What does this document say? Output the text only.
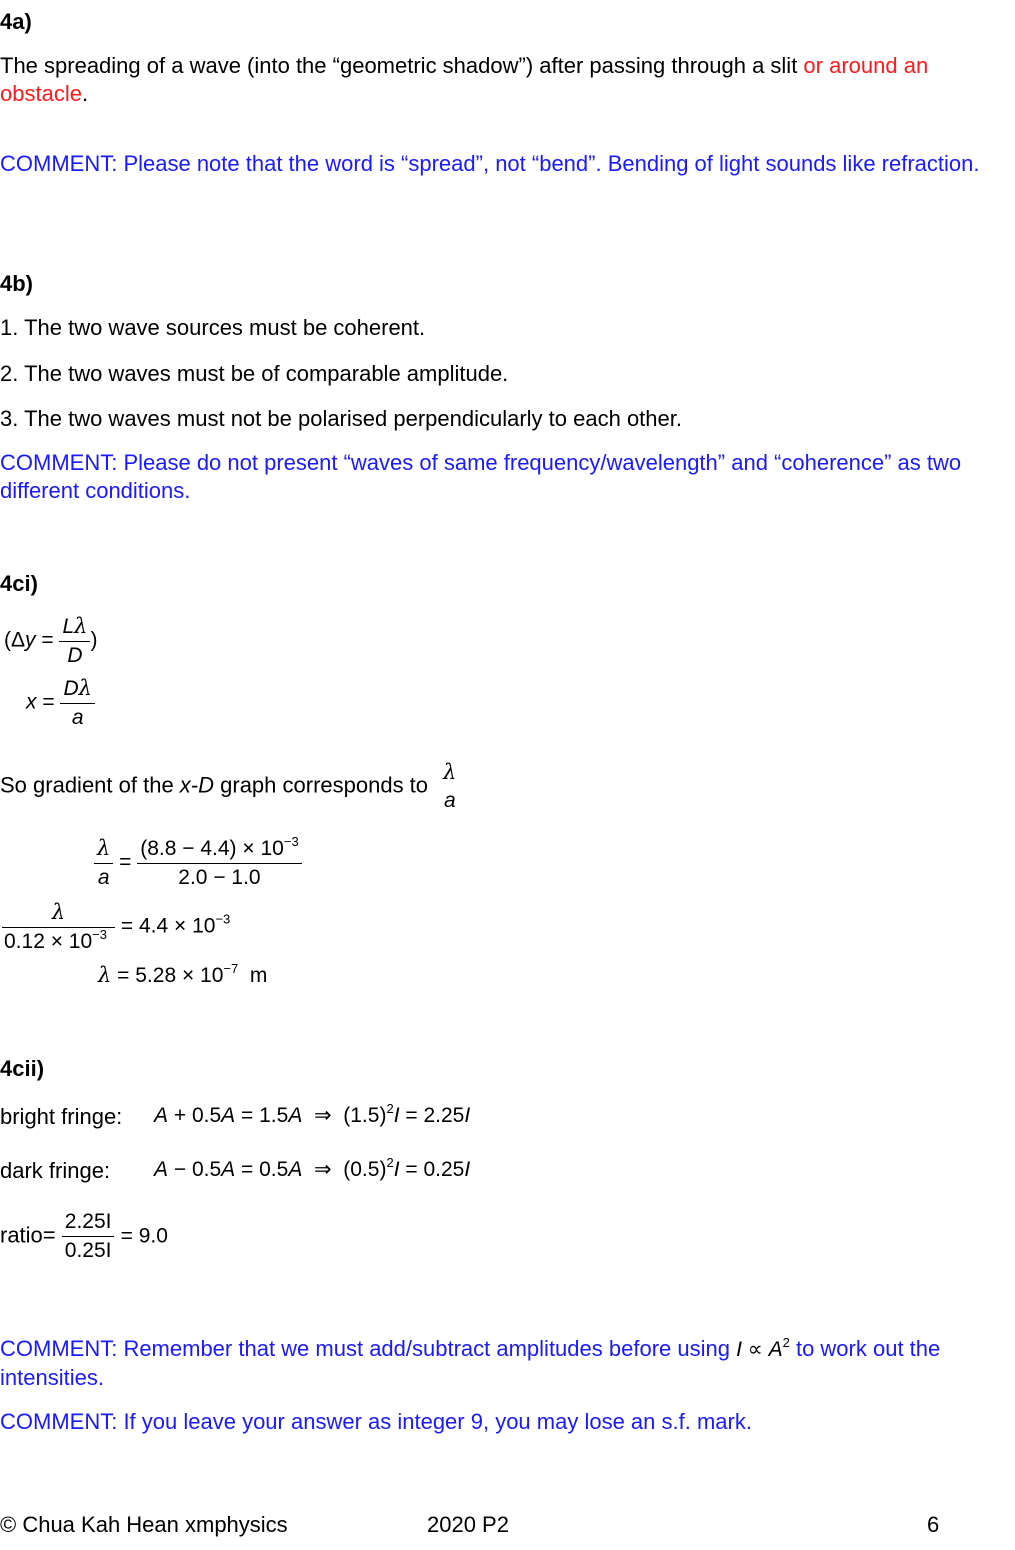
4a)
The spreading of a wave (into the “geometric shadow”) after passing through a slit or around an obstacle.
COMMENT: Please note that the word is “spread”, not “bend”. Bending of light sounds like refraction.
4b)
1. The two wave sources must be coherent.
2. The two waves must be of comparable amplitude.
3. The two waves must not be polarised perpendicularly to each other.
COMMENT: Please do not present “waves of same frequency/wavelength” and “coherence” as two different conditions.
4ci)
($\Delta y = \frac{L\lambda}{D}$ )
$x = \frac{D\lambda}{a}$
So gradient of the x-D graph corresponds to
λ
a
$\frac{\lambda}{a} = \frac{(8.8 - 4.4) \times 10^{-3}}{2.0 - 1.0}$
$\frac{\lambda}{0.12 \times 10^{-3}} = 4.4 \times 10^{-3}$
$\lambda = 5.28 \times 10^{-7}$ m
4cii)
bright fringe: A + 0.5A = 1.5A  ⇒  $(1.5)^2I = 2.25I$
dark fringe: A − 0.5A = 0.5A  ⇒  $(0.5)^2I = 0.25I$
ratio= $\frac{2.25I}{0.25I} = 9.0$
COMMENT: Remember that we must add/subtract amplitudes before using $I \propto A^2$ to work out the intensities.
COMMENT: If you leave your answer as integer 9, you may lose an s.f. mark.
© Chua Kah Hean xmphysics	2020 P2	6
